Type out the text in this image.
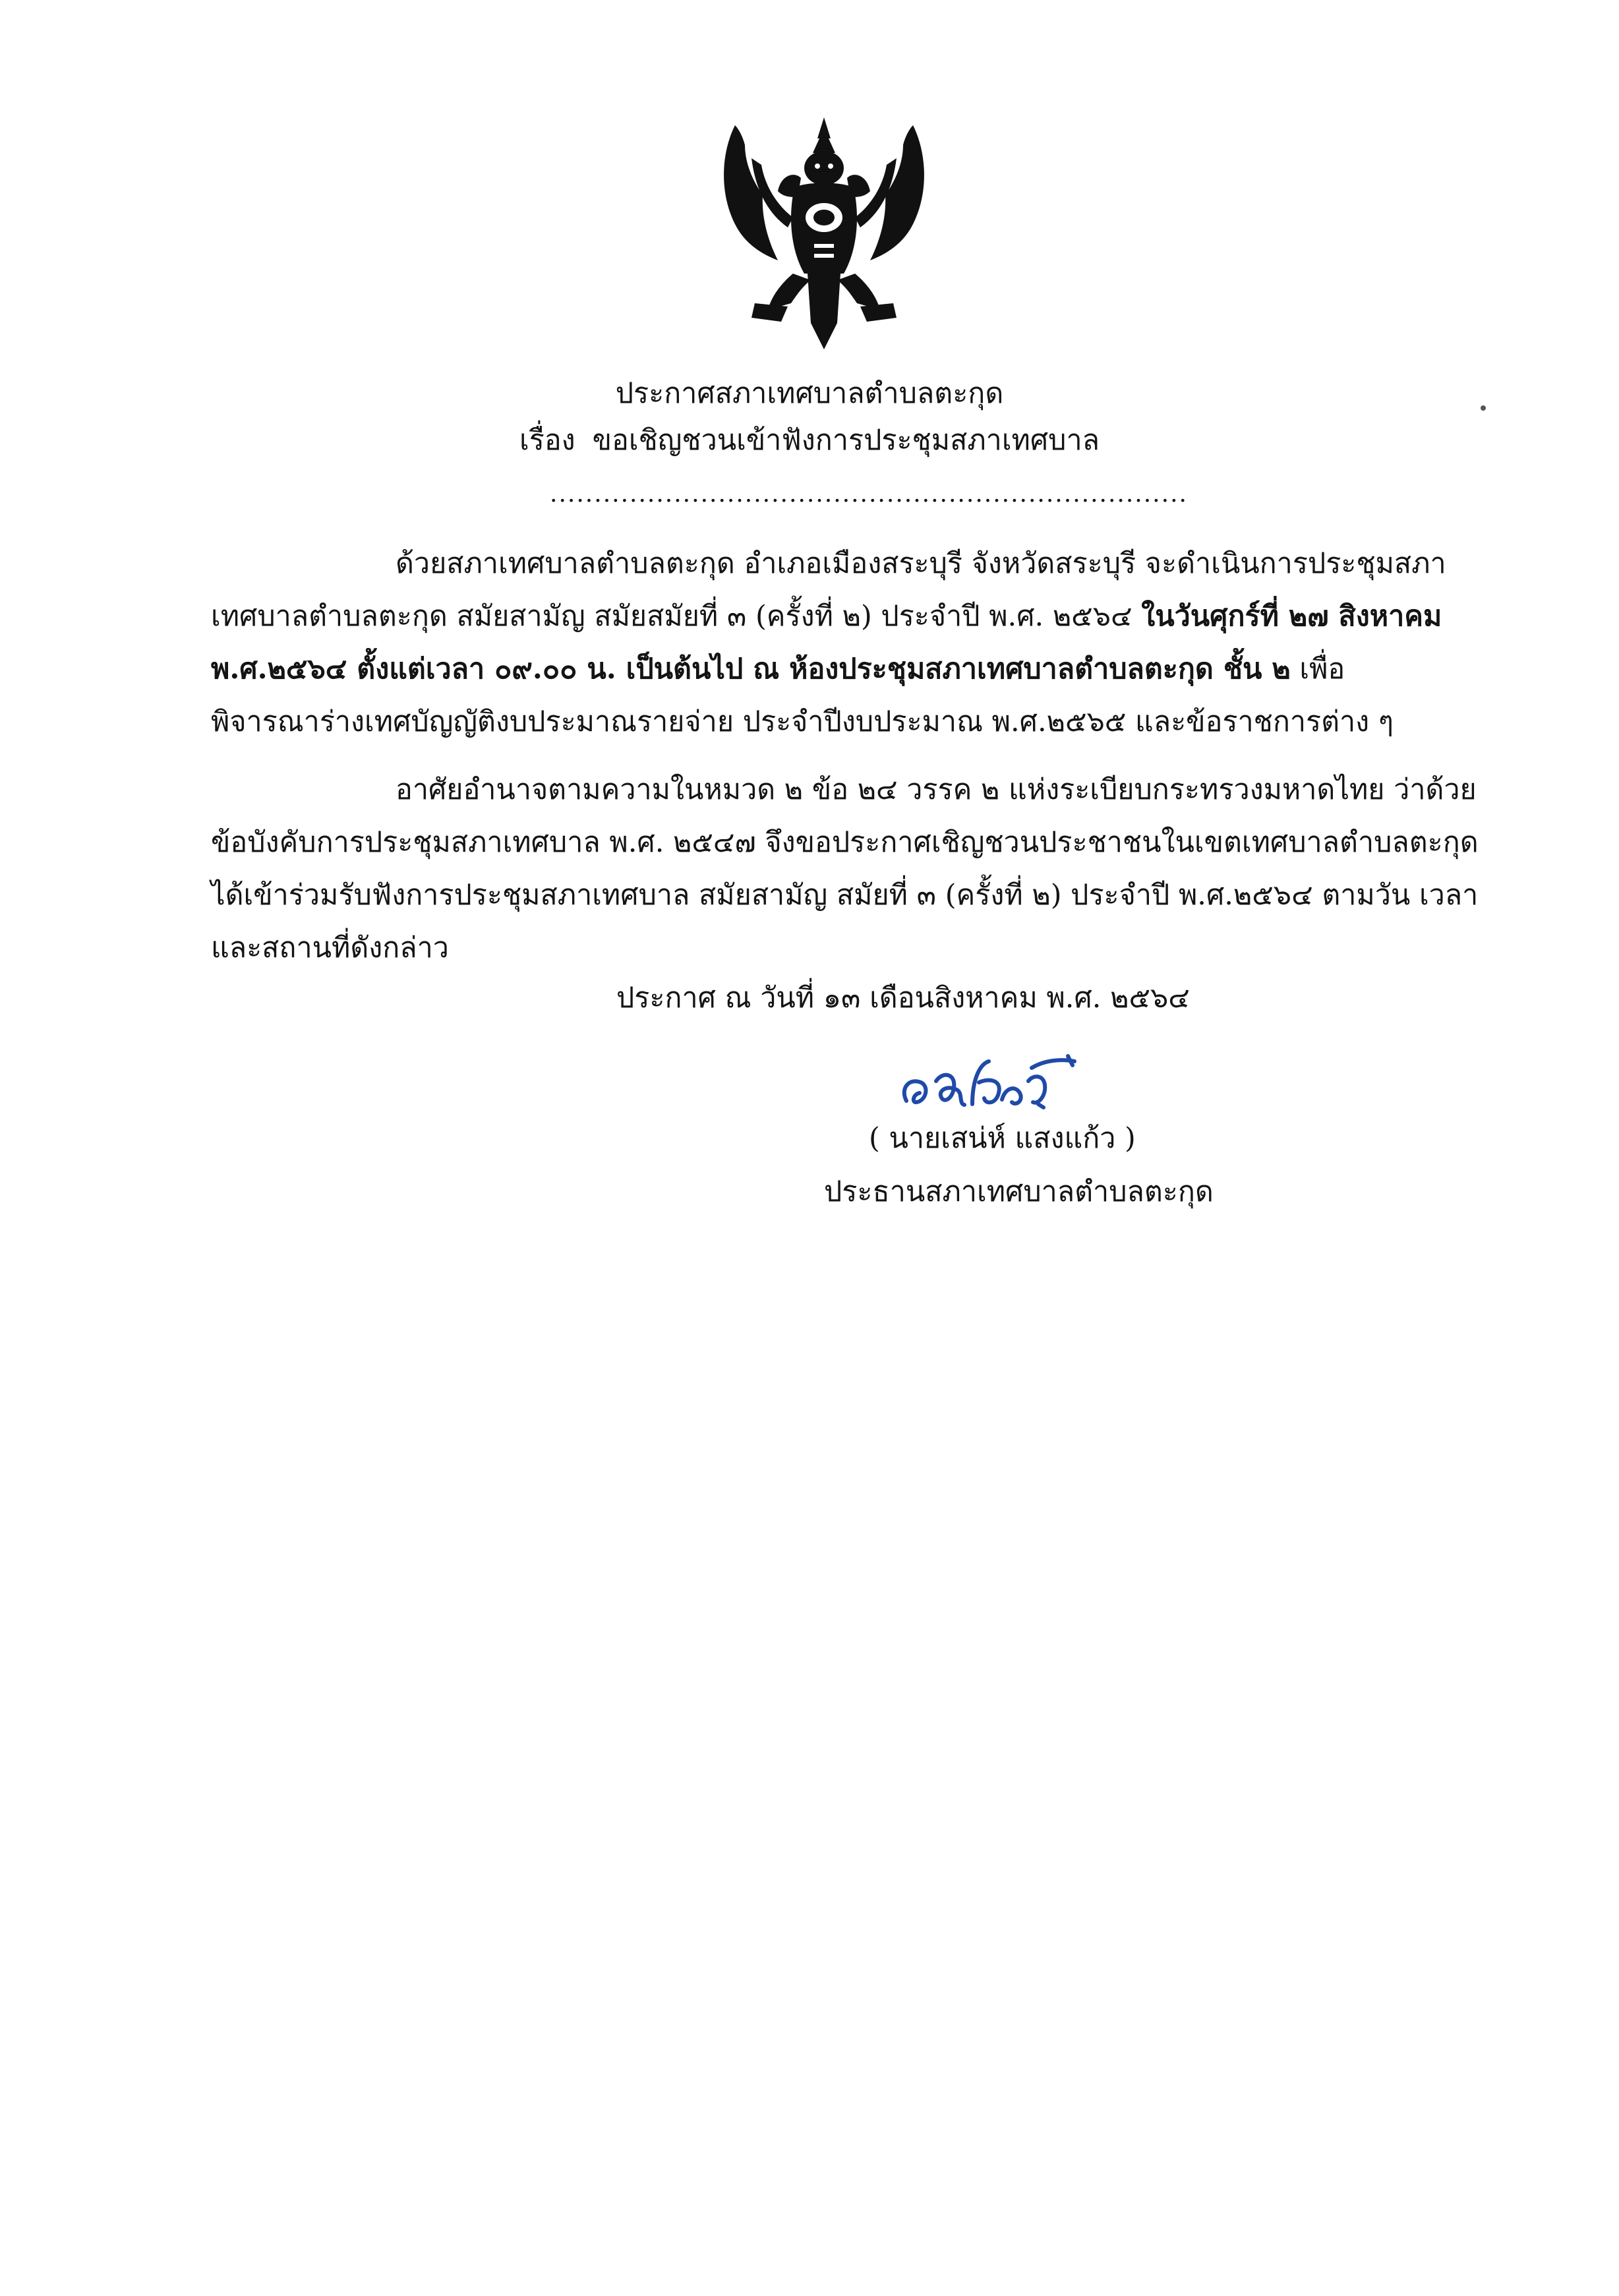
ประกาศสภาเทศบาลตำบลตะกุด
เรื่อง ขอเชิญชวนเข้าฟังการประชุมสภาเทศบาล
........................................................................
ด้วยสภาเทศบาลตำบลตะกุด อำเภอเมืองสระบุรี จังหวัดสระบุรี จะดำเนินการประชุมสภา
เทศบาลตำบลตะกุด สมัยสามัญ สมัยสมัยที่ ๓ (ครั้งที่ ๒) ประจำปี พ.ศ. ๒๕๖๔ ในวันศุกร์ที่ ๒๗ สิงหาคม
พ.ศ.๒๕๖๔ ตั้งแต่เวลา ๐๙.๐๐ น. เป็นต้นไป ณ ห้องประชุมสภาเทศบาลตำบลตะกุด ชั้น ๒ เพื่อ
พิจารณาร่างเทศบัญญัติงบประมาณรายจ่าย ประจำปีงบประมาณ พ.ศ.๒๕๖๕ และข้อราชการต่าง ๆ
อาศัยอำนาจตามความในหมวด ๒ ข้อ ๒๔ วรรค ๒ แห่งระเบียบกระทรวงมหาดไทย ว่าด้วย
ข้อบังคับการประชุมสภาเทศบาล พ.ศ. ๒๕๔๗ จึงขอประกาศเชิญชวนประชาชนในเขตเทศบาลตำบลตะกุด
ได้เข้าร่วมรับฟังการประชุมสภาเทศบาล สมัยสามัญ สมัยที่ ๓ (ครั้งที่ ๒) ประจำปี พ.ศ.๒๕๖๔ ตามวัน เวลา
และสถานที่ดังกล่าว
ประกาศ ณ วันที่ ๑๓ เดือนสิงหาคม พ.ศ. ๒๕๖๔
( นายเสน่ห์ แสงแก้ว )
ประธานสภาเทศบาลตำบลตะกุด
